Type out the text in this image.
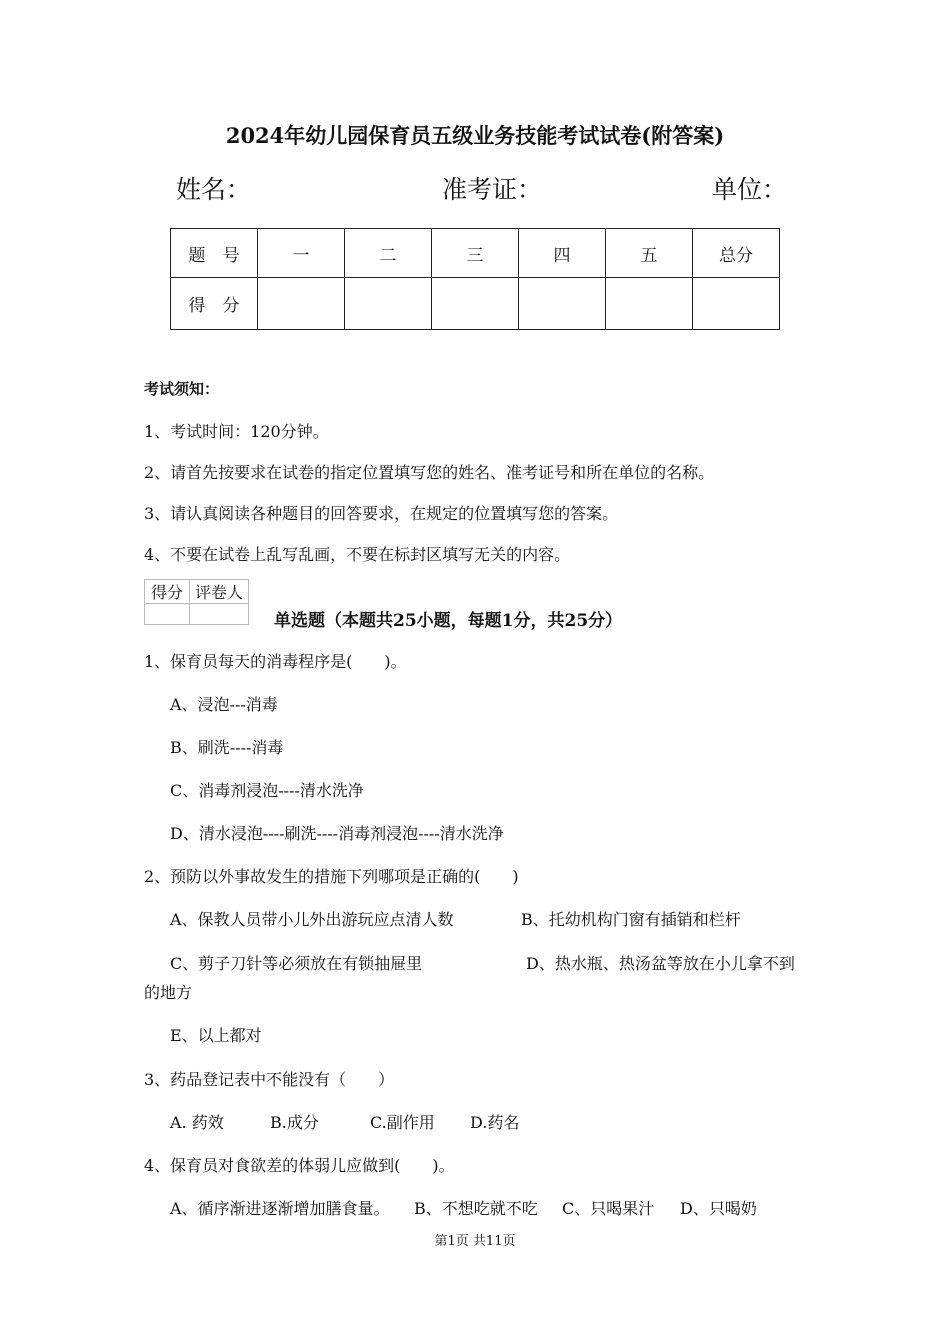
2024年幼儿园保育员五级业务技能考试试卷(附答案)
姓名：	准考证：	单位：
题　号	一	二	三	四	五	总分
得　分						
考试须知：
1、考试时间：120分钟。
2、请首先按要求在试卷的指定位置填写您的姓名、准考证号和所在单位的名称。
3、请认真阅读各种题目的回答要求，在规定的位置填写您的答案。
4、不要在试卷上乱写乱画，不要在标封区填写无关的内容。
得分	评卷人

单选题（本题共25小题，每题1分，共25分）
1、保育员每天的消毒程序是(　　)。
A、浸泡---消毒
B、刷洗----消毒
C、消毒剂浸泡----清水洗净
D、清水浸泡----刷洗----消毒剂浸泡----清水洗净
2、预防以外事故发生的措施下列哪项是正确的(　　)
A、保教人员带小儿外出游玩应点清人数	B、托幼机构门窗有插销和栏杆
C、剪子刀针等必须放在有锁抽屉里	D、热水瓶、热汤盆等放在小儿拿不到
的地方
E、以上都对
3、药品登记表中不能没有（　　）
A. 药效	B.成分	C.副作用 D.药名
4、保育员对食欲差的体弱儿应做到(　　)。
A、循序渐进逐渐增加膳食量。 B、不想吃就不吃 C、只喝果汁 D、只喝奶
第1页 共11页
